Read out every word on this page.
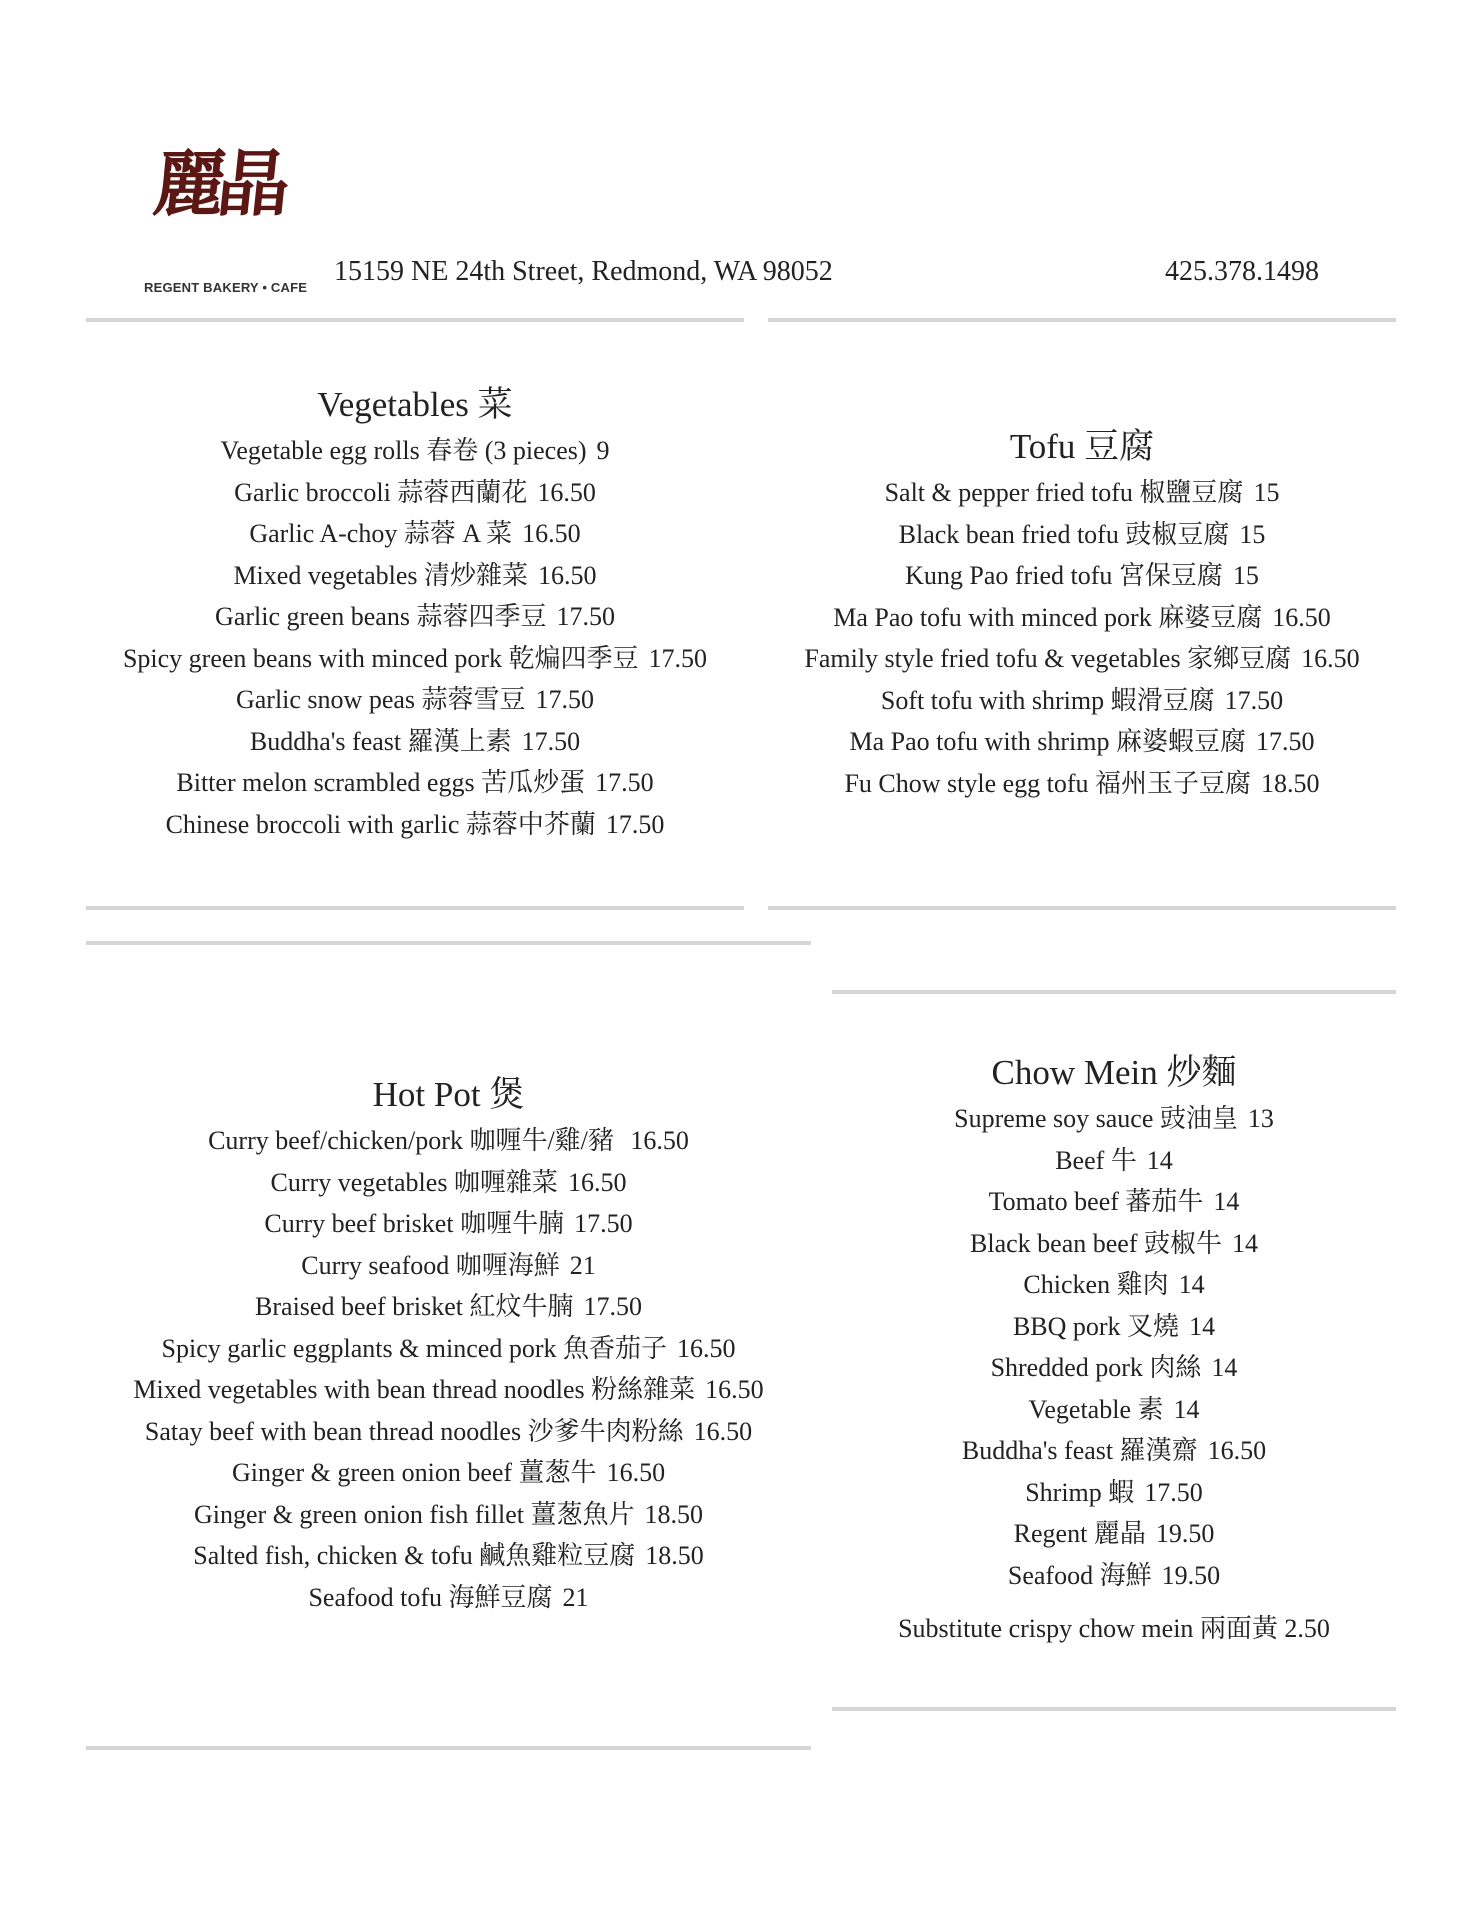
麗晶
REGENT BAKERY • CAFE
15159 NE 24th Street, Redmond, WA 98052	425.378.1498
Vegetables 菜
Vegetable egg rolls 春卷 (3 pieces) 9
Garlic broccoli 蒜蓉西蘭花 16.50
Garlic A-choy 蒜蓉 A 菜 16.50
Mixed vegetables 清炒雜菜 16.50
Garlic green beans 蒜蓉四季豆 17.50
Spicy green beans with minced pork 乾煸四季豆 17.50
Garlic snow peas 蒜蓉雪豆 17.50
Buddha's feast 羅漢上素 17.50
Bitter melon scrambled eggs 苦瓜炒蛋 17.50
Chinese broccoli with garlic 蒜蓉中芥蘭 17.50
Tofu 豆腐
Salt & pepper fried tofu 椒鹽豆腐 15
Black bean fried tofu 豉椒豆腐 15
Kung Pao fried tofu 宮保豆腐 15
Ma Pao tofu with minced pork 麻婆豆腐 16.50
Family style fried tofu & vegetables 家鄉豆腐 16.50
Soft tofu with shrimp 蝦滑豆腐 17.50
Ma Pao tofu with shrimp 麻婆蝦豆腐 17.50
Fu Chow style egg tofu 福州玉子豆腐 18.50
Hot Pot 煲
Curry beef/chicken/pork 咖喱牛/雞/豬 16.50
Curry vegetables 咖喱雜菜 16.50
Curry beef brisket 咖喱牛腩 17.50
Curry seafood 咖喱海鮮 21
Braised beef brisket 紅炆牛腩 17.50
Spicy garlic eggplants & minced pork 魚香茄子 16.50
Mixed vegetables with bean thread noodles 粉絲雜菜 16.50
Satay beef with bean thread noodles 沙爹牛肉粉絲 16.50
Ginger & green onion beef 薑葱牛 16.50
Ginger & green onion fish fillet 薑葱魚片 18.50
Salted fish, chicken & tofu 鹹魚雞粒豆腐 18.50
Seafood tofu 海鮮豆腐 21
Chow Mein 炒麵
Supreme soy sauce 豉油皇 13
Beef 牛 14
Tomato beef 蕃茄牛 14
Black bean beef 豉椒牛 14
Chicken 雞肉 14
BBQ pork 叉燒 14
Shredded pork 肉絲 14
Vegetable 素 14
Buddha's feast 羅漢齋 16.50
Shrimp 蝦 17.50
Regent 麗晶 19.50
Seafood 海鮮 19.50
Substitute crispy chow mein 兩面黃 2.50
